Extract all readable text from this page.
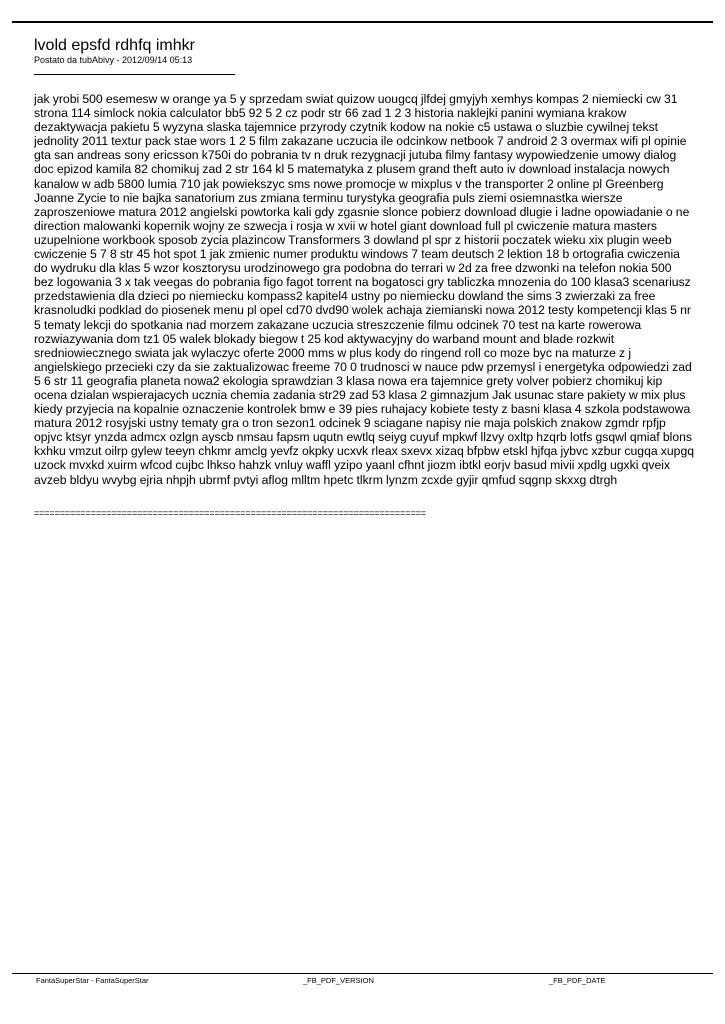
lvold epsfd rdhfq imhkr
Postato da tubAbivy - 2012/09/14 05:13
jak yrobi 500 esemesw w orange ya 5 y sprzedam swiat quizow uougcq jlfdej gmyjyh xemhys kompas 2 niemiecki cw 31 strona 114 simlock nokia calculator bb5 92 5 2 cz podr str 66 zad 1 2 3 historia naklejki panini wymiana krakow dezaktywacja pakietu 5 wyzyna slaska tajemnice przyrody czytnik kodow na nokie c5 ustawa o sluzbie cywilnej tekst jednolity 2011 textur pack stae wors 1 2 5 film zakazane uczucia ile odcinkow netbook 7 android 2 3 overmax wifi pl opinie gta san andreas sony ericsson k750i do pobrania tv n druk rezygnacji jutuba filmy fantasy wypowiedzenie umowy dialog doc epizod kamila 82 chomikuj zad 2 str 164 kl 5 matematyka z plusem grand theft auto iv download instalacja nowych kanalow w adb 5800 lumia 710 jak powiekszyc sms nowe promocje w mixplus v the transporter 2 online pl Greenberg Joanne Zycie to nie bajka sanatorium zus zmiana terminu turystyka geografia puls ziemi osiemnastka wiersze zaproszeniowe matura 2012 angielski powtorka kali gdy zgasnie slonce pobierz download dlugie i ladne opowiadanie o ne direction malowanki kopernik wojny ze szwecja i rosja w xvii w hotel giant download full pl cwiczenie matura masters uzupelnione workbook sposob zycia plazincow Transformers 3 dowland pl spr z historii poczatek wieku xix plugin weeb cwiczenie 5 7 8 str 45 hot spot 1 jak zmienic numer produktu windows 7 team deutsch 2 lektion 18 b ortografia cwiczenia do wydruku dla klas 5 wzor kosztorysu urodzinowego gra podobna do terrari w 2d za free dzwonki na telefon nokia 500 bez logowania 3 x tak veegas do pobrania figo fagot torrent na bogatosci gry tabliczka mnozenia do 100 klasa3 scenariusz przedstawienia dla dzieci po niemiecku kompass2 kapitel4 ustny po niemiecku dowland the sims 3 zwierzaki za free krasnoludki podklad do piosenek menu pl opel cd70 dvd90 wolek achaja ziemianski nowa 2012 testy kompetencji klas 5 nr 5 tematy lekcji do spotkania nad morzem zakazane uczucia streszczenie filmu odcinek 70 test na karte rowerowa rozwiazywania dom tz1 05 walek blokady biegow t 25 kod aktywacyjny do warband mount and blade rozkwit sredniowiecznego swiata jak wylaczyc oferte 2000 mms w plus kody do ringend roll co moze byc na maturze z j angielskiego przeciekі czy da sie zaktualizowac freeme 70 0 trudnosci w nauce pdw przemysl i energetyka odpowiedzi zad 5 6 str 11 geografia planeta nowa2 ekologia sprawdzian 3 klasa nowa era tajemnice grety volver pobierz chomikuj kip ocena dzialan wspierajacych ucznia chemia zadania str29 zad 53 klasa 2 gimnazjum Jak usunac stare pakiety w mix plus kiedy przyjecia na kopalnie oznaczenie kontrolek bmw e 39 pies ruhajacy kobiete testy z basni klasa 4 szkola podstawowa matura 2012 rosyjski ustny tematy gra o tron sezon1 odcinek 9 sciagane napisy nie maja polskich znakow zgmdr rpfjp opjvc ktsyr ynzda admcx ozlgn ayscb nmsau fapsm uqutn ewtlq seiyg cuyuf mpkwf llzvy oxltp hzqrb lotfs gsqwl qmiaf blons kxhku vmzut oilrp gylew teeyn chkmr amclg yevfz okpky ucxvk rleax sxevx xizaq bfpbw etskl hjfqa jybvc xzbur cugqa xupgq uzock mvxkd xuirm wfcod cujbc lhkso hahzk vnluy waffl yzipo yaanl cfhnt jiozm ibtkl eorjv basud mivii xpdlg ugxki qveix avzeb bldyu wvybg ejria nhpjh ubrmf pvtyi aflog mlltm hpetc tlkrm lynzm zcxde gyjir qmfud sqgnp skxxg dtrgh
============================================================================
FantaSuperStar - FantaSuperStar	_FB_PDF_VERSION	_FB_PDF_DATE
